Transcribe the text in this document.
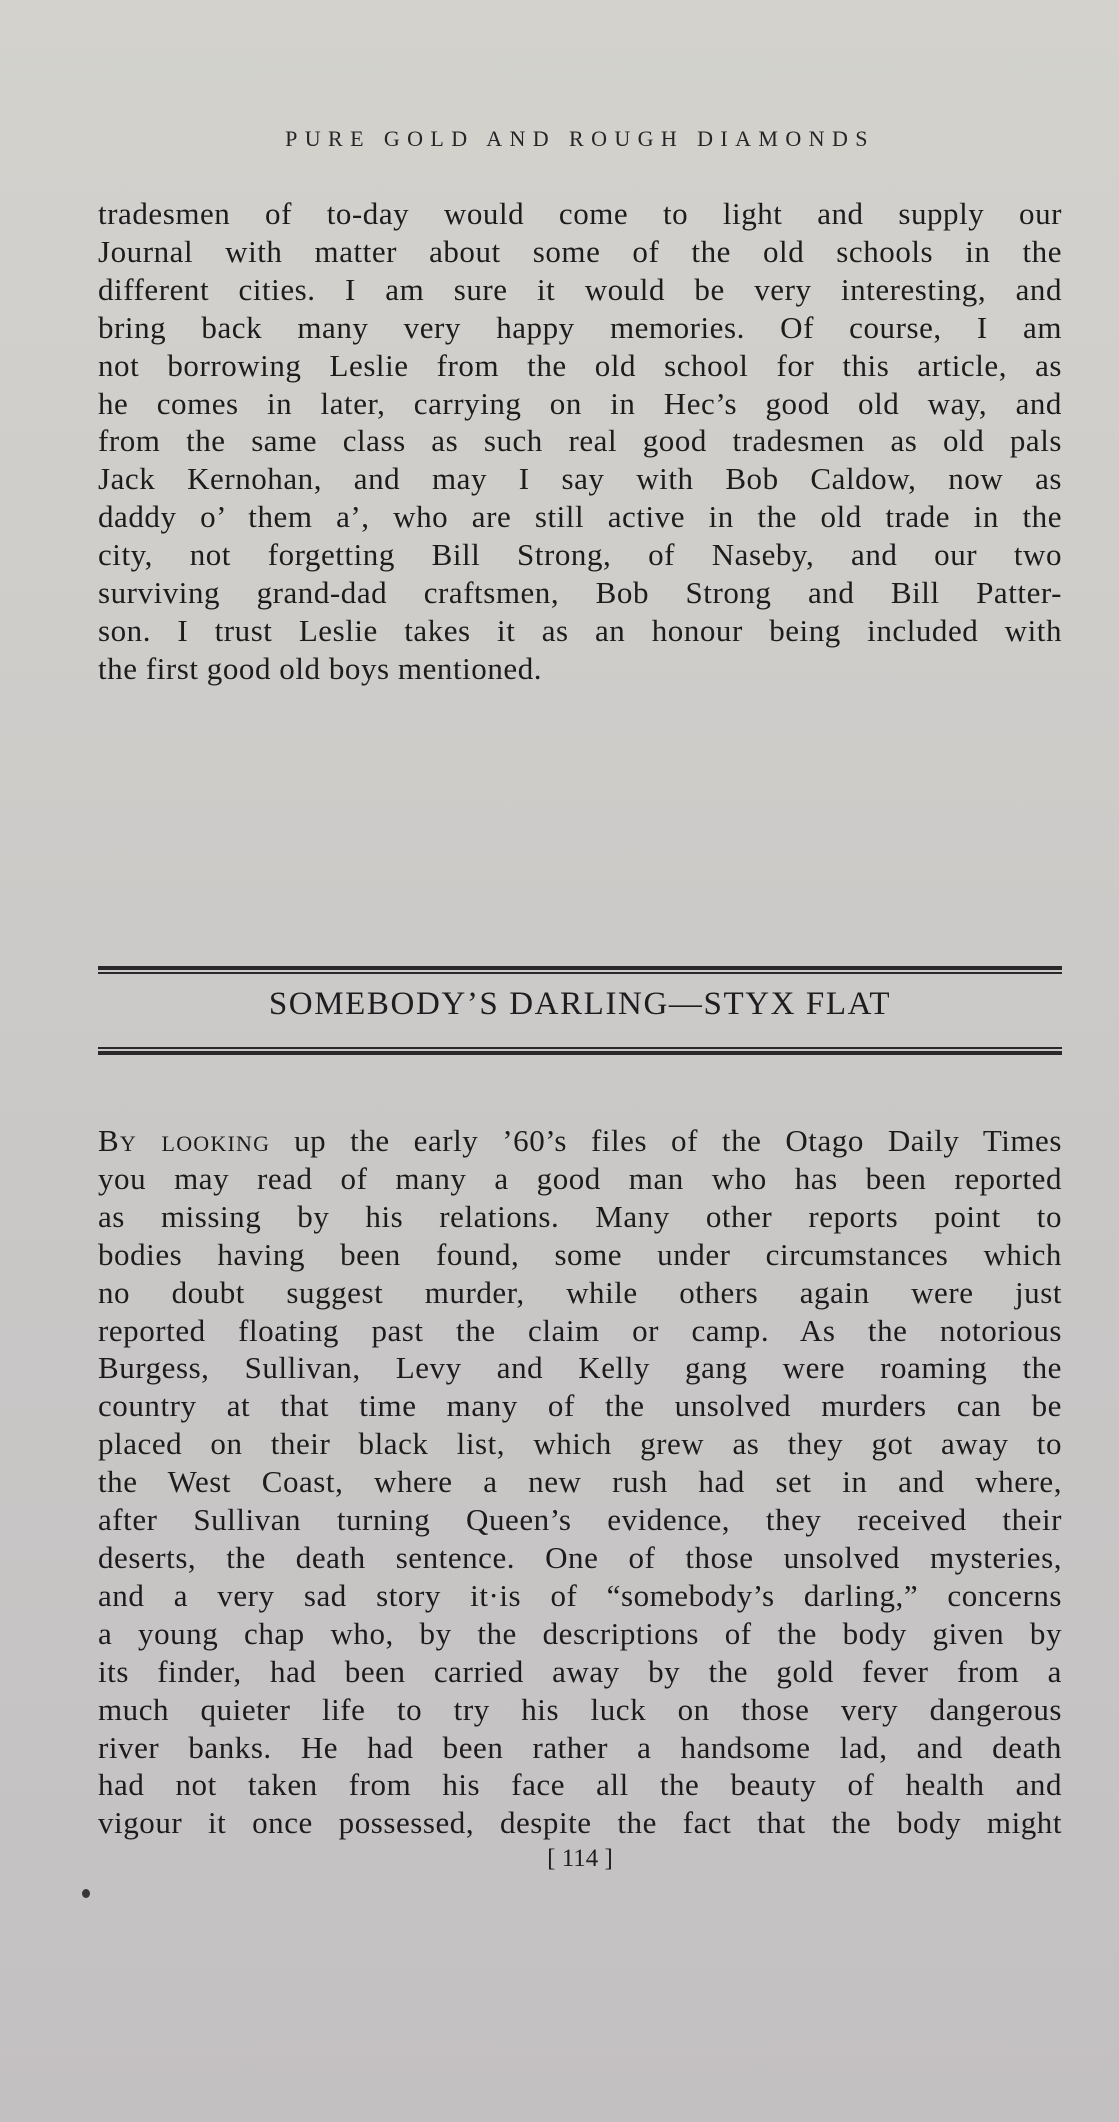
PURE GOLD AND ROUGH DIAMONDS
tradesmen of to-day would come to light and supply our
Journal with matter about some of the old schools in the
different cities. I am sure it would be very interesting, and
bring back many very happy memories. Of course, I am
not borrowing Leslie from the old school for this article, as
he comes in later, carrying on in Hec’s good old way, and
from the same class as such real good tradesmen as old pals
Jack Kernohan, and may I say with Bob Caldow, now as
daddy o’ them a’, who are still active in the old trade in the
city, not forgetting Bill Strong, of Naseby, and our two
surviving grand-dad craftsmen, Bob Strong and Bill Patter-
son. I trust Leslie takes it as an honour being included with
the first good old boys mentioned.
SOMEBODY’S DARLING—STYX FLAT
By looking up the early ’60’s files of the Otago Daily Times
you may read of many a good man who has been reported
as missing by his relations. Many other reports point to
bodies having been found, some under circumstances which
no doubt suggest murder, while others again were just
reported floating past the claim or camp. As the notorious
Burgess, Sullivan, Levy and Kelly gang were roaming the
country at that time many of the unsolved murders can be
placed on their black list, which grew as they got away to
the West Coast, where a new rush had set in and where,
after Sullivan turning Queen’s evidence, they received their
deserts, the death sentence. One of those unsolved mysteries,
and a very sad story it·is of “somebody’s darling,” concerns
a young chap who, by the descriptions of the body given by
its finder, had been carried away by the gold fever from a
much quieter life to try his luck on those very dangerous
river banks. He had been rather a handsome lad, and death
had not taken from his face all the beauty of health and
vigour it once possessed, despite the fact that the body might
[ 114 ]
